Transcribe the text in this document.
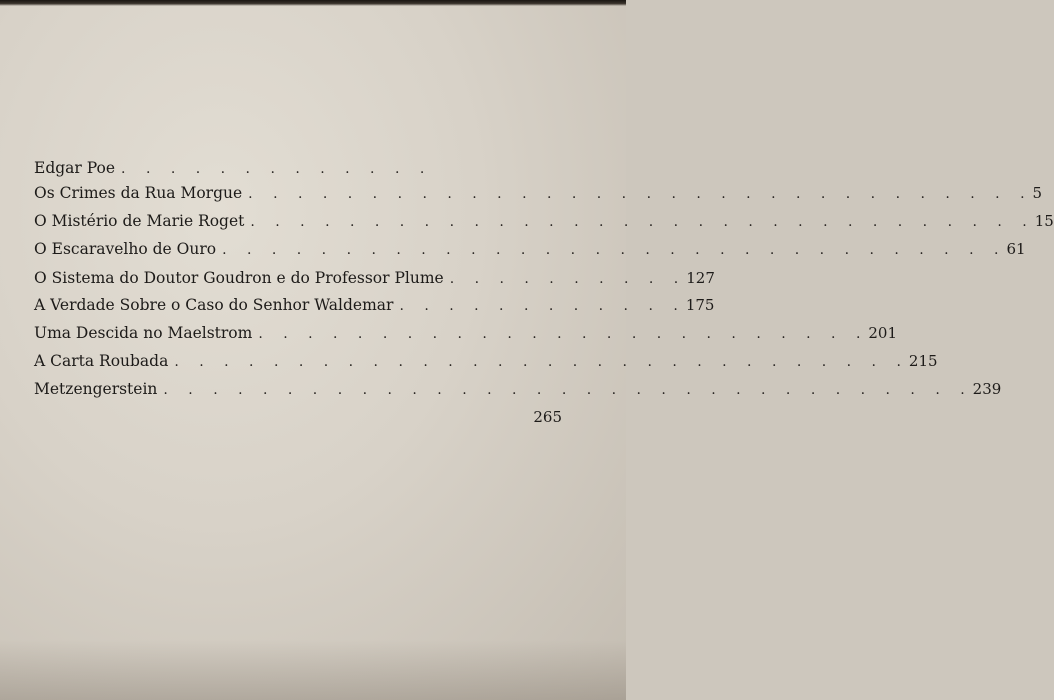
Edgar Poe . . . . . . . . . . . . .
Os Crimes da Rua Morgue . . . . . . . . . . . . . . . . . . . . . . . . . . . . . . . . 5
O Mistério de Marie Roget . . . . . . . . . . . . . . . . . . . . . . . . . . . . . . . . 15
O Escaravelho de Ouro . . . . . . . . . . . . . . . . . . . . . . . . . . . . . . . . 61
O Sistema do Doutor Goudron e do Professor Plume . . . . . . . . . . 127
A Verdade Sobre o Caso do Senhor Waldemar . . . . . . . . . . . . 175
Uma Descida no Maelstrom . . . . . . . . . . . . . . . . . . . . . . . . . 201
A Carta Roubada . . . . . . . . . . . . . . . . . . . . . . . . . . . . . . 215
Metzengerstein . . . . . . . . . . . . . . . . . . . . . . . . . . . . . . . . . 239
265
